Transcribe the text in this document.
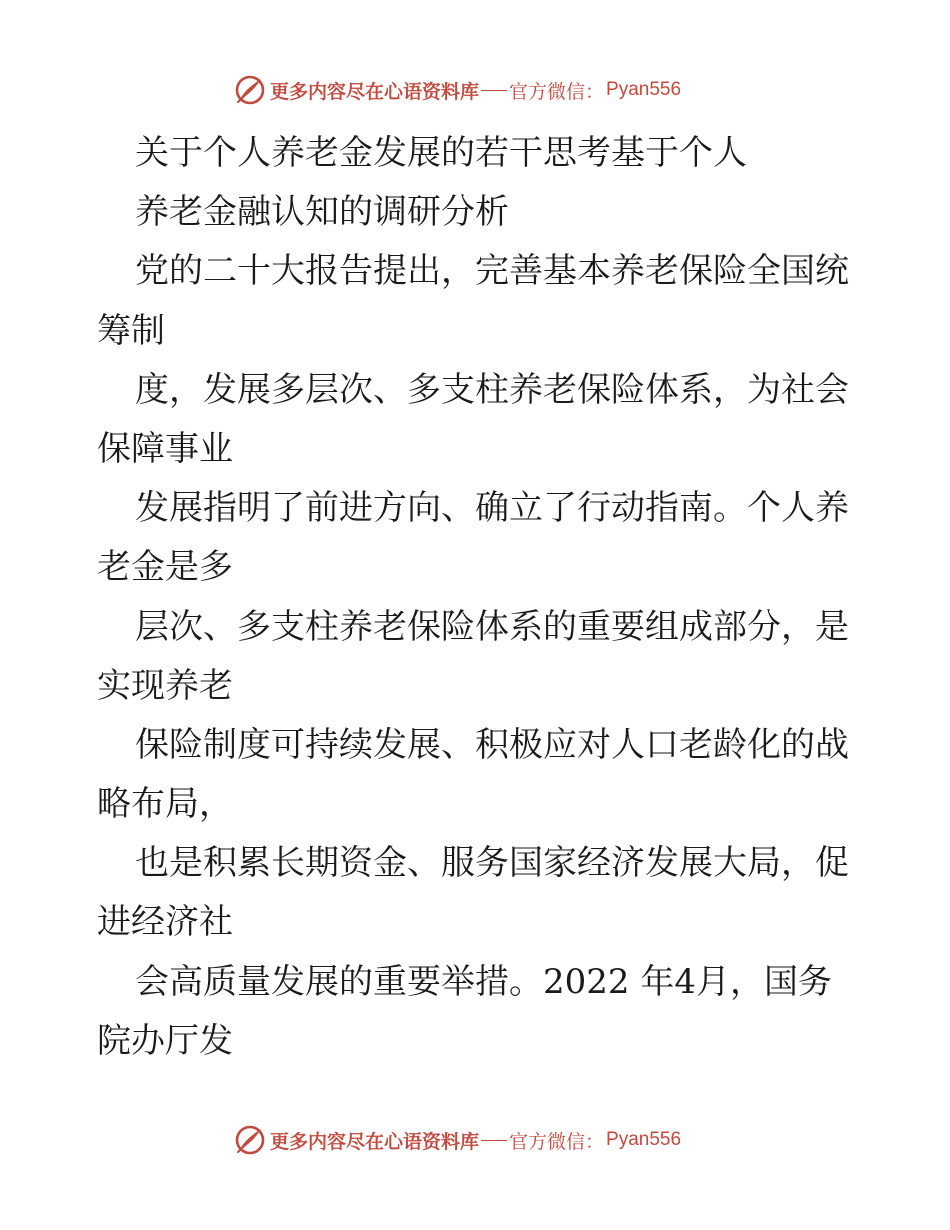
更多内容尽在心语资料库 官方微信： Pyan556
关于个人养老金发展的若干思考基于个人
养老金融认知的调研分析
党的二十大报告提出，完善基本养老保险全国统
筹制
度，发展多层次、多支柱养老保险体系，为社会
保障事业
发展指明了前进方向、确立了行动指南。个人养
老金是多
层次、多支柱养老保险体系的重要组成部分，是
实现养老
保险制度可持续发展、积极应对人口老龄化的战
略布局，
也是积累长期资金、服务国家经济发展大局，促
进经济社
会高质量发展的重要举措。2022 年4月，国务
院办厅发
更多内容尽在心语资料库 官方微信： Pyan556
